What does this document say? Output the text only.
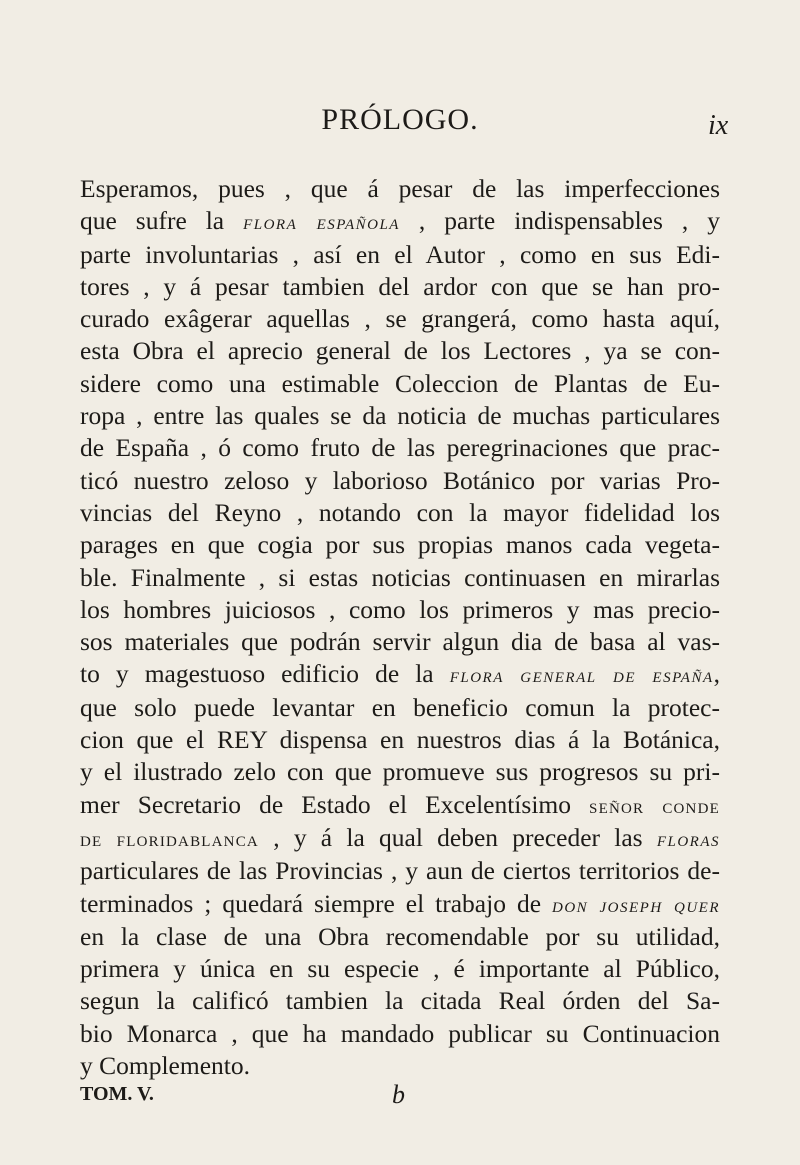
PRÓLOGO.	ix
Esperamos, pues , que á pesar de las imperfecciones
que sufre la flora española , parte indispensables , y
parte involuntarias , así en el Autor , como en sus Edi-
tores , y á pesar tambien del ardor con que se han pro-
curado exâgerar aquellas , se grangerá, como hasta aquí,
esta Obra el aprecio general de los Lectores , ya se con-
sidere como una estimable Coleccion de Plantas de Eu-
ropa , entre las quales se da noticia de muchas particulares
de España , ó como fruto de las peregrinaciones que prac-
ticó nuestro zeloso y laborioso Botánico por varias Pro-
vincias del Reyno , notando con la mayor fidelidad los
parages en que cogia por sus propias manos cada vegeta-
ble. Finalmente , si estas noticias continuasen en mirarlas
los hombres juiciosos , como los primeros y mas precio-
sos materiales que podrán servir algun dia de basa al vas-
to y magestuoso edificio de la flora general de españa,
que solo puede levantar en beneficio comun la protec-
cion que el REY dispensa en nuestros dias á la Botánica,
y el ilustrado zelo con que promueve sus progresos su pri-
mer Secretario de Estado el Excelentísimo señor conde
de floridablanca , y á la qual deben preceder las floras
particulares de las Provincias , y aun de ciertos territorios de-
terminados ; quedará siempre el trabajo de don joseph quer
en la clase de una Obra recomendable por su utilidad,
primera y única en su especie , é importante al Público,
segun la calificó tambien la citada Real órden del Sa-
bio Monarca , que ha mandado publicar su Continuacion
y Complemento.
TOM. V.	b
